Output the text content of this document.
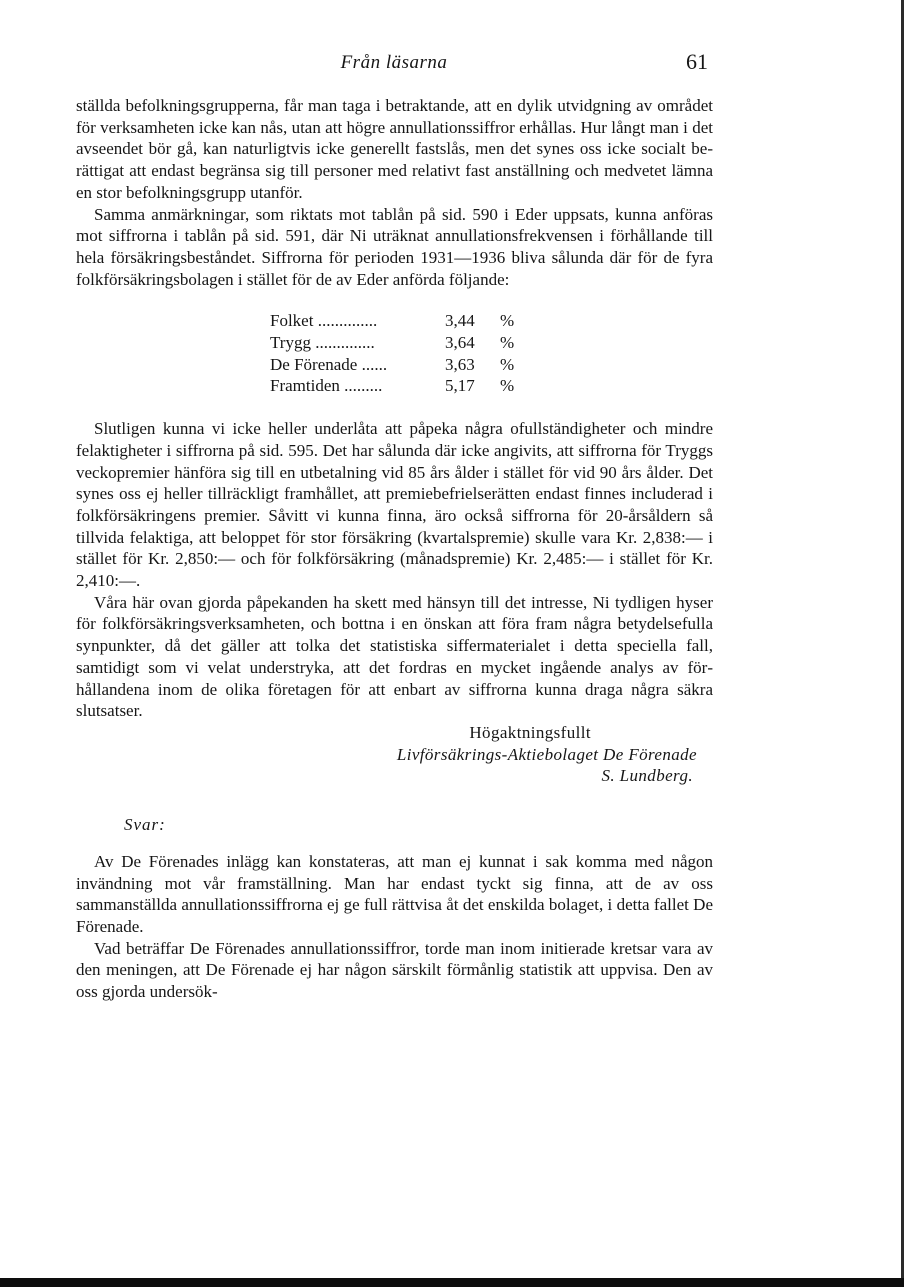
Från läsarna	61

ställda befolkningsgrupperna, får man taga i betraktande, att en dylik utvidgning av området för verksamheten icke kan nås, utan att högre annullationssiffror erhållas. Hur långt man i det avseendet bör gå, kan naturligtvis icke generellt fastslås, men det synes oss icke socialt berättigat att endast begränsa sig till personer med relativt fast anställning och medvetet lämna en stor befolkningsgrupp utanför.

Samma anmärkningar, som riktats mot tablån på sid. 590 i Eder uppsats, kunna anföras mot siffrorna i tablån på sid. 591, där Ni uträknat annullationsfrekvensen i förhållande till hela försäkringsbeståndet. Siffrorna för perioden 1931—1936 bliva sålunda där för de fyra folkförsäkringsbolagen i stället för de av Eder anförda följande:

Folket ..............	3,44	%
Trygg ..............	3,64	%
De Förenade ......	3,63	%
Framtiden .........	5,17	%

Slutligen kunna vi icke heller underlåta att påpeka några ofullständigheter och mindre felaktigheter i siffrorna på sid. 595. Det har sålunda där icke angivits, att siffrorna för Tryggs veckopremier hänföra sig till en utbetalning vid 85 års ålder i stället för vid 90 års ålder. Det synes oss ej heller tillräckligt framhållet, att premiebefrielserätten endast finnes includerad i folkförsäkringens premier. Såvitt vi kunna finna, äro också siffrorna för 20-årsåldern så tillvida felaktiga, att beloppet för stor försäkring (kvartalspremie) skulle vara Kr. 2,838:— i stället för Kr. 2,850:— och för folkförsäkring (månadspremie) Kr. 2,485:— i stället för Kr. 2,410:—.

Våra här ovan gjorda påpekanden ha skett med hänsyn till det intresse, Ni tydligen hyser för folkförsäkringsverksamheten, och bottna i en önskan att föra fram några betydelsefulla synpunkter, då det gäller att tolka det statistiska siffermaterialet i detta speciella fall, samtidigt som vi velat understryka, att det fordras en mycket ingående analys av förhållandena inom de olika företagen för att enbart av siffrorna kunna draga några säkra slutsatser.

Högaktningsfullt
Livförsäkrings-Aktiebolaget De Förenade
S. Lundberg.

Svar:

Av De Förenades inlägg kan konstateras, att man ej kunnat i sak komma med någon invändning mot vår framställning. Man har endast tyckt sig finna, att de av oss sammanställda annullationssiffrorna ej ge full rättvisa åt det enskilda bolaget, i detta fallet De Förenade.

Vad beträffar De Förenades annullationssiffror, torde man inom initierade kretsar vara av den meningen, att De Förenade ej har någon särskilt förmånlig statistik att uppvisa. Den av oss gjorda undersök-
